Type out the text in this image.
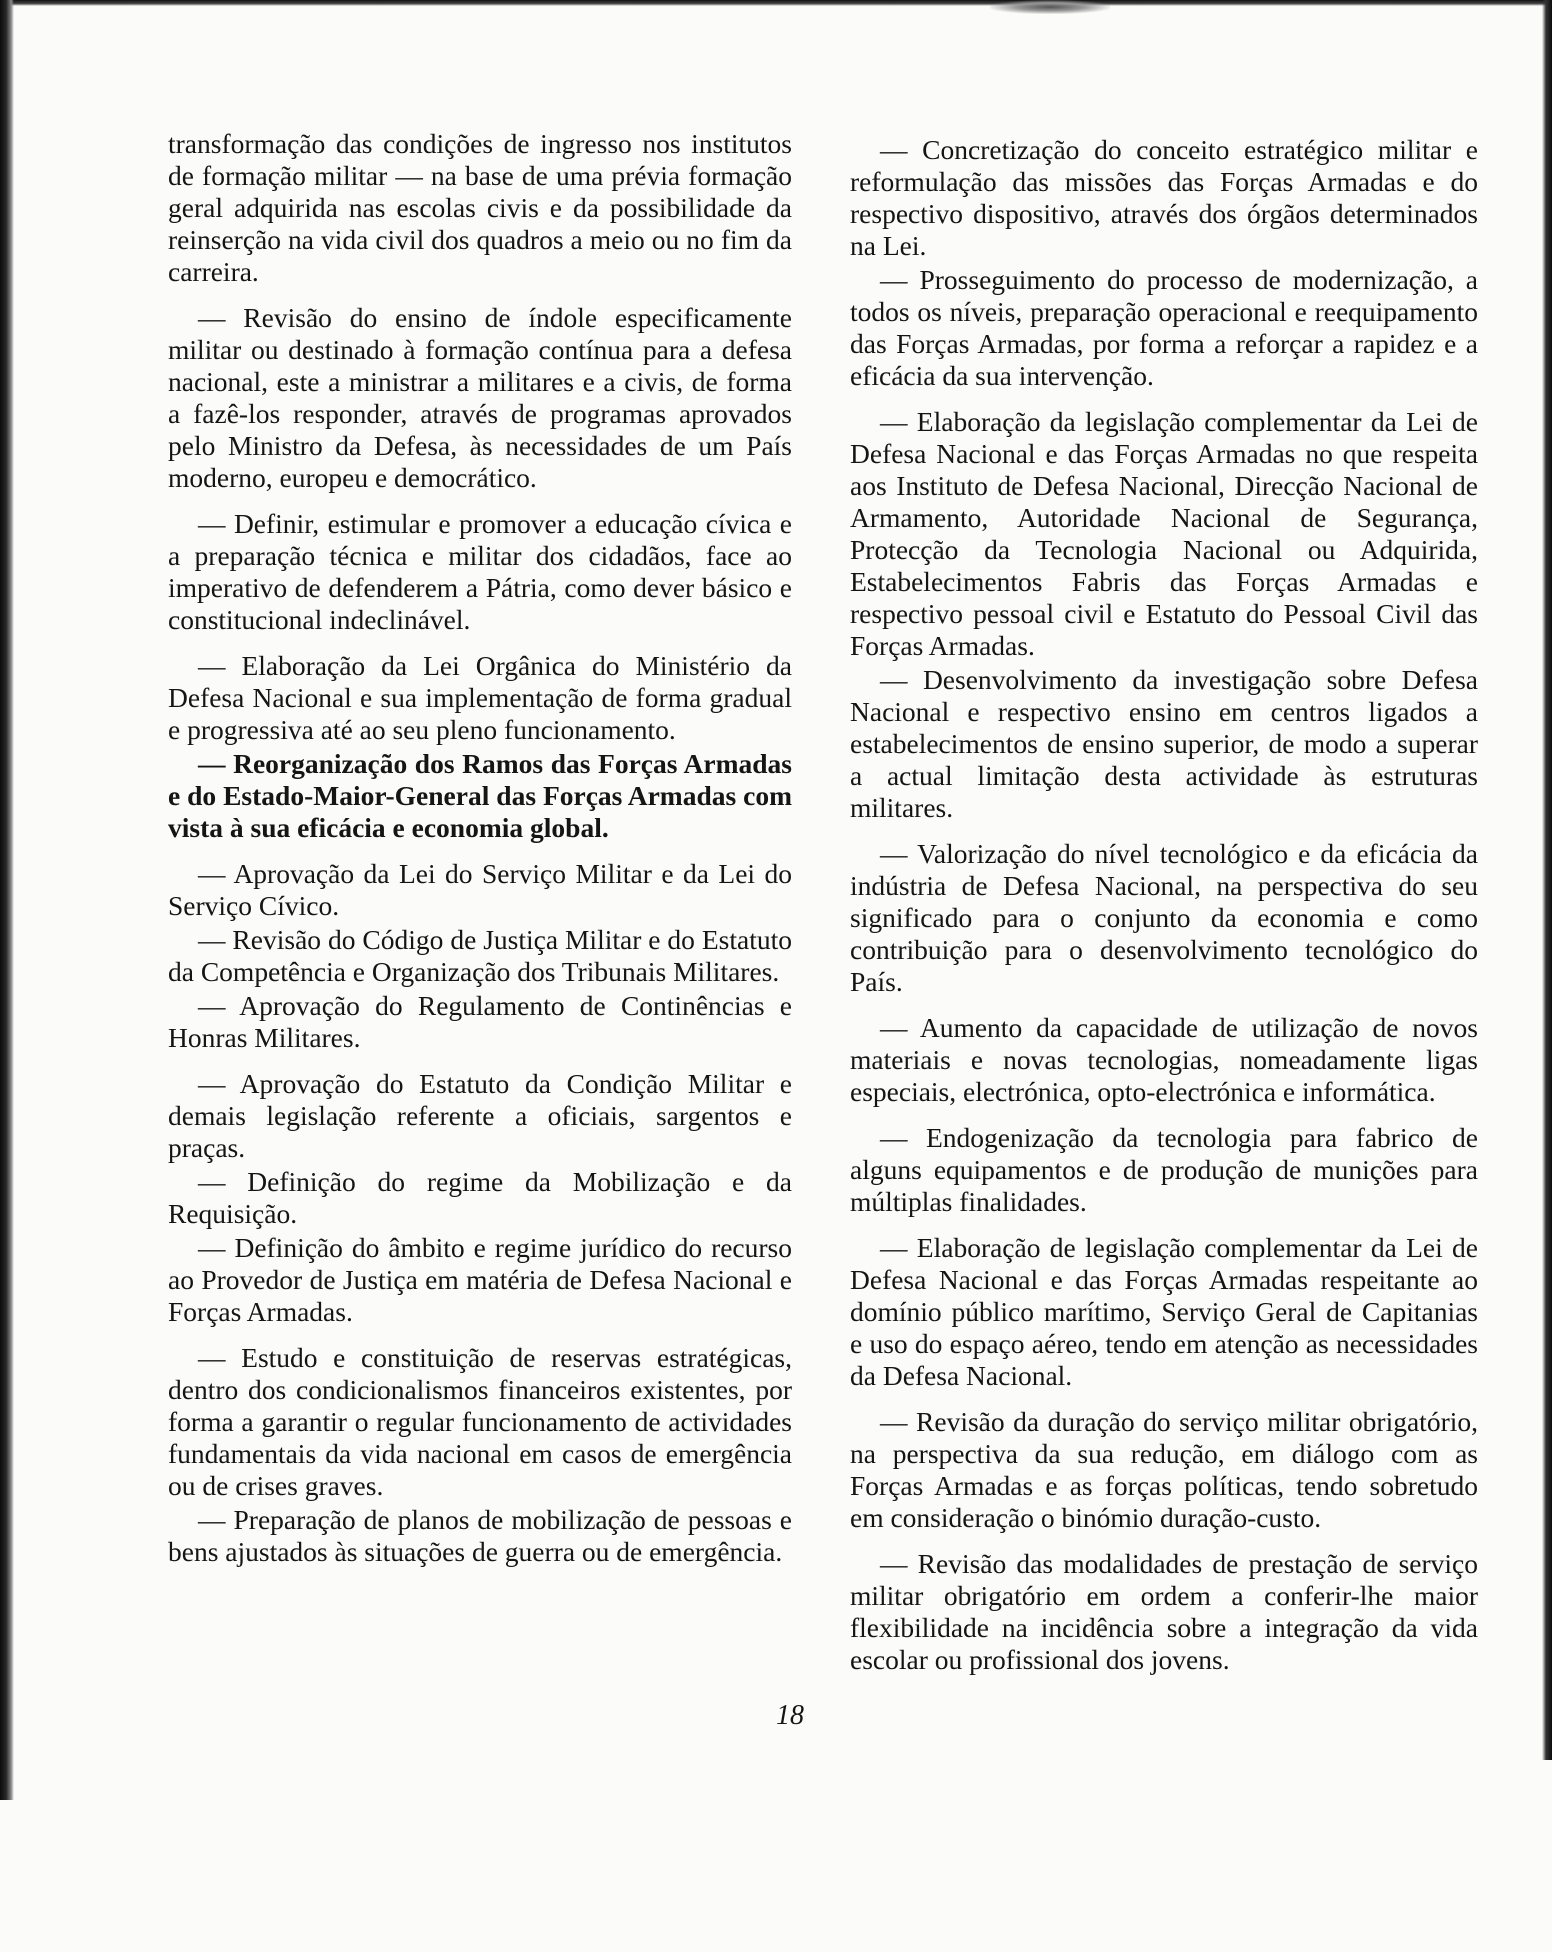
transformação das condições de ingresso nos institutos de formação militar — na base de uma prévia formação geral adquirida nas escolas civis e da possibilidade da reinserção na vida civil dos quadros a meio ou no fim da carreira.

— Revisão do ensino de índole especificamente militar ou destinado à formação contínua para a defesa nacional, este a ministrar a militares e a civis, de forma a fazê-los responder, através de programas aprovados pelo Ministro da Defesa, às necessidades de um País moderno, europeu e democrático.

— Definir, estimular e promover a educação cívica e a preparação técnica e militar dos cidadãos, face ao imperativo de defenderem a Pátria, como dever básico e constitucional indeclinável.

— Elaboração da Lei Orgânica do Ministério da Defesa Nacional e sua implementação de forma gradual e progressiva até ao seu pleno funcionamento.

— Reorganização dos Ramos das Forças Armadas e do Estado-Maior-General das Forças Armadas com vista à sua eficácia e economia global.

— Aprovação da Lei do Serviço Militar e da Lei do Serviço Cívico.

— Revisão do Código de Justiça Militar e do Estatuto da Competência e Organização dos Tribunais Militares.

— Aprovação do Regulamento de Continências e Honras Militares.

— Aprovação do Estatuto da Condição Militar e demais legislação referente a oficiais, sargentos e praças.

— Definição do regime da Mobilização e da Requisição.

— Definição do âmbito e regime jurídico do recurso ao Provedor de Justiça em matéria de Defesa Nacional e Forças Armadas.

— Estudo e constituição de reservas estratégicas, dentro dos condicionalismos financeiros existentes, por forma a garantir o regular funcionamento de actividades fundamentais da vida nacional em casos de emergência ou de crises graves.

— Preparação de planos de mobilização de pessoas e bens ajustados às situações de guerra ou de emergência.

— Concretização do conceito estratégico militar e reformulação das missões das Forças Armadas e do respectivo dispositivo, através dos órgãos determinados na Lei.

— Prosseguimento do processo de modernização, a todos os níveis, preparação operacional e reequipamento das Forças Armadas, por forma a reforçar a rapidez e a eficácia da sua intervenção.

— Elaboração da legislação complementar da Lei de Defesa Nacional e das Forças Armadas no que respeita aos Instituto de Defesa Nacional, Direcção Nacional de Armamento, Autoridade Nacional de Segurança, Protecção da Tecnologia Nacional ou Adquirida, Estabelecimentos Fabris das Forças Armadas e respectivo pessoal civil e Estatuto do Pessoal Civil das Forças Armadas.

— Desenvolvimento da investigação sobre Defesa Nacional e respectivo ensino em centros ligados a estabelecimentos de ensino superior, de modo a superar a actual limitação desta actividade às estruturas militares.

— Valorização do nível tecnológico e da eficácia da indústria de Defesa Nacional, na perspectiva do seu significado para o conjunto da economia e como contribuição para o desenvolvimento tecnológico do País.

— Aumento da capacidade de utilização de novos materiais e novas tecnologias, nomeadamente ligas especiais, electrónica, opto-electrónica e informática.

— Endogenização da tecnologia para fabrico de alguns equipamentos e de produção de munições para múltiplas finalidades.

— Elaboração de legislação complementar da Lei de Defesa Nacional e das Forças Armadas respeitante ao domínio público marítimo, Serviço Geral de Capitanias e uso do espaço aéreo, tendo em atenção as necessidades da Defesa Nacional.

— Revisão da duração do serviço militar obrigatório, na perspectiva da sua redução, em diálogo com as Forças Armadas e as forças políticas, tendo sobretudo em consideração o binómio duração-custo.

— Revisão das modalidades de prestação de serviço militar obrigatório em ordem a conferir-lhe maior flexibilidade na incidência sobre a integração da vida escolar ou profissional dos jovens.

18
